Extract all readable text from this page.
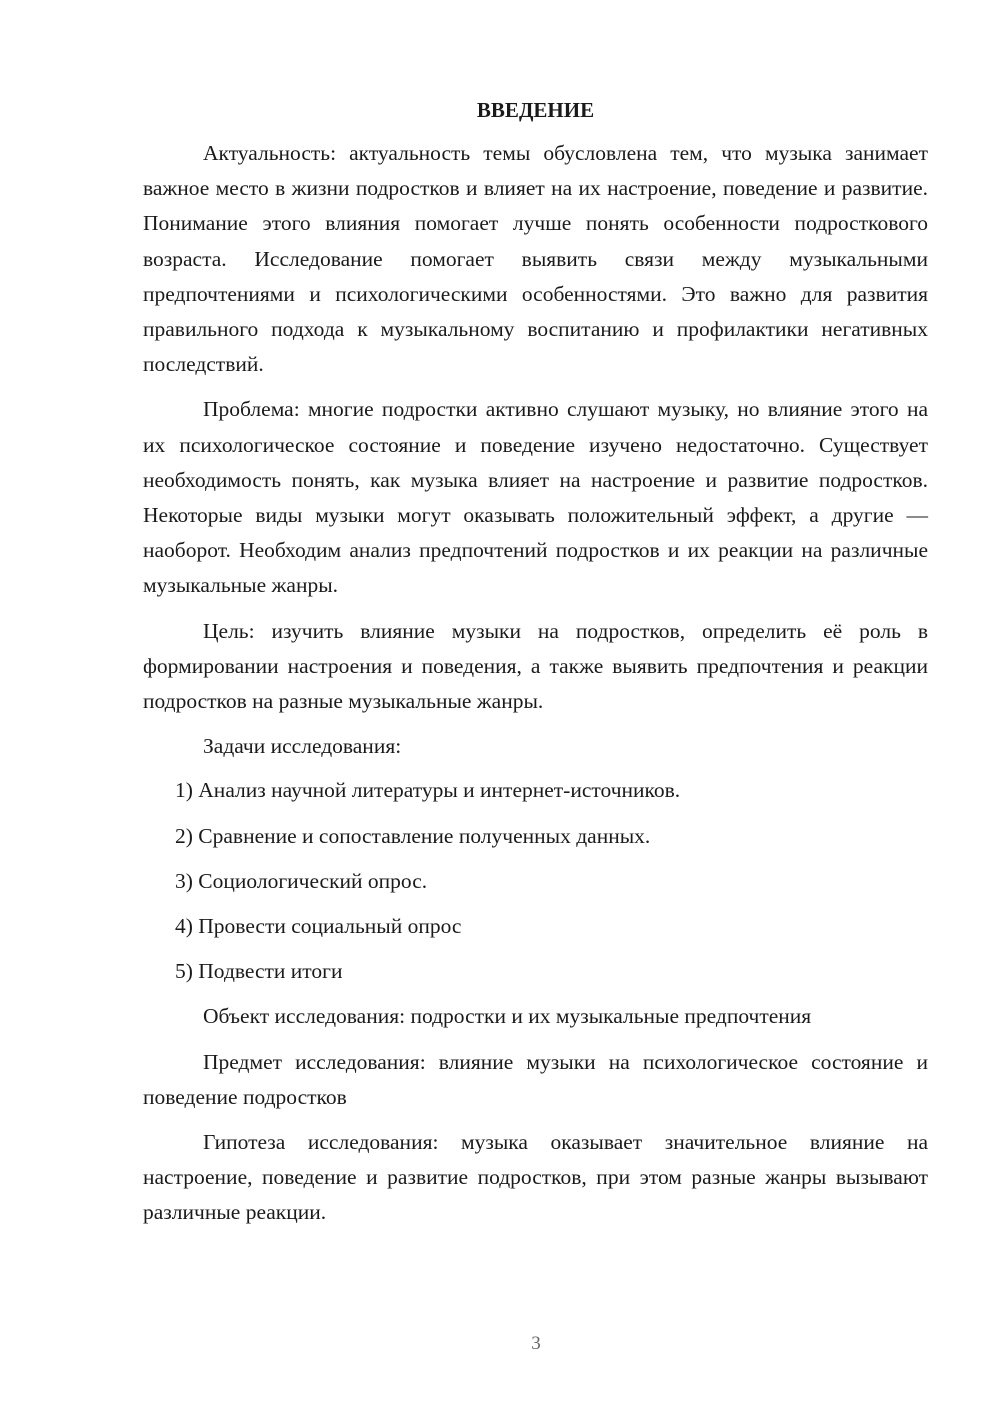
ВВЕДЕНИЕ

Актуальность: актуальность темы обусловлена тем, что музыка занимает важное место в жизни подростков и влияет на их настроение, поведение и развитие. Понимание этого влияния помогает лучше понять особенности подросткового возраста. Исследование помогает выявить связи между музыкальными предпочтениями и психологическими особенностями. Это важно для развития правильного подхода к музыкальному воспитанию и профилактики негативных последствий.

Проблема: многие подростки активно слушают музыку, но влияние этого на их психологическое состояние и поведение изучено недостаточно. Существует необходимость понять, как музыка влияет на настроение и развитие подростков. Некоторые виды музыки могут оказывать положительный эффект, а другие — наоборот. Необходим анализ предпочтений подростков и их реакции на различные музыкальные жанры.

Цель: изучить влияние музыки на подростков, определить её роль в формировании настроения и поведения, а также выявить предпочтения и реакции подростков на разные музыкальные жанры.

Задачи исследования:

1) Анализ научной литературы и интернет-источников.
2) Сравнение и сопоставление полученных данных.
3) Социологический опрос.
4) Провести социальный опрос
5) Подвести итоги

Объект исследования: подростки и их музыкальные предпочтения

Предмет исследования: влияние музыки на психологическое состояние и поведение подростков

Гипотеза исследования: музыка оказывает значительное влияние на настроение, поведение и развитие подростков, при этом разные жанры вызывают различные реакции.

3
